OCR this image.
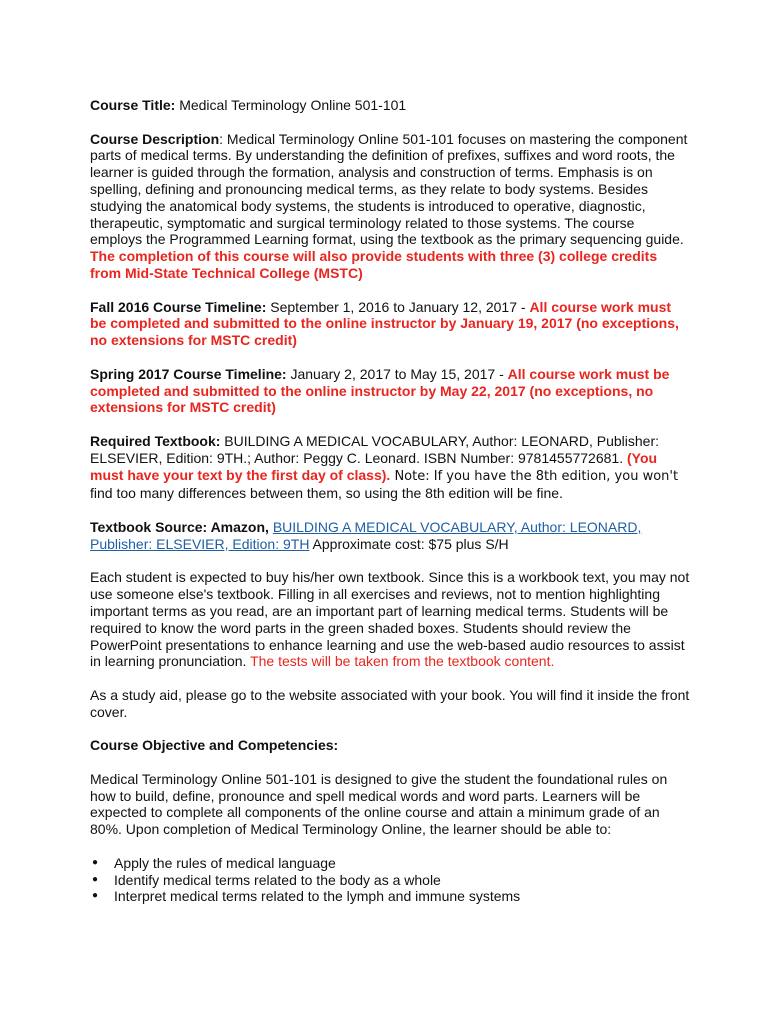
Course Title: Medical Terminology Online 501-101

Course Description: Medical Terminology Online 501-101 focuses on mastering the component parts of medical terms. By understanding the definition of prefixes, suffixes and word roots, the learner is guided through the formation, analysis and construction of terms. Emphasis is on spelling, defining and pronouncing medical terms, as they relate to body systems. Besides studying the anatomical body systems, the students is introduced to operative, diagnostic, therapeutic, symptomatic and surgical terminology related to those systems. The course employs the Programmed Learning format, using the textbook as the primary sequencing guide. The completion of this course will also provide students with three (3) college credits from Mid-State Technical College (MSTC)

Fall 2016 Course Timeline: September 1, 2016 to January 12, 2017 - All course work must be completed and submitted to the online instructor by January 19, 2017 (no exceptions, no extensions for MSTC credit)

Spring 2017 Course Timeline: January 2, 2017 to May 15, 2017 - All course work must be completed and submitted to the online instructor by May 22, 2017 (no exceptions, no extensions for MSTC credit)

Required Textbook: BUILDING A MEDICAL VOCABULARY, Author: LEONARD, Publisher: ELSEVIER, Edition: 9TH.; Author: Peggy C. Leonard. ISBN Number: 9781455772681. (You must have your text by the first day of class). Note: If you have the 8th edition, you won't find too many differences between them, so using the 8th edition will be fine.

Textbook Source: Amazon, BUILDING A MEDICAL VOCABULARY, Author: LEONARD, Publisher: ELSEVIER, Edition: 9TH Approximate cost: $75 plus S/H

Each student is expected to buy his/her own textbook. Since this is a workbook text, you may not use someone else's textbook. Filling in all exercises and reviews, not to mention highlighting important terms as you read, are an important part of learning medical terms. Students will be required to know the word parts in the green shaded boxes. Students should review the PowerPoint presentations to enhance learning and use the web-based audio resources to assist in learning pronunciation. The tests will be taken from the textbook content.

As a study aid, please go to the website associated with your book. You will find it inside the front cover.

Course Objective and Competencies:

Medical Terminology Online 501-101 is designed to give the student the foundational rules on how to build, define, pronounce and spell medical words and word parts. Learners will be expected to complete all components of the online course and attain a minimum grade of an 80%. Upon completion of Medical Terminology Online, the learner should be able to:

● Apply the rules of medical language
● Identify medical terms related to the body as a whole
● Interpret medical terms related to the lymph and immune systems
